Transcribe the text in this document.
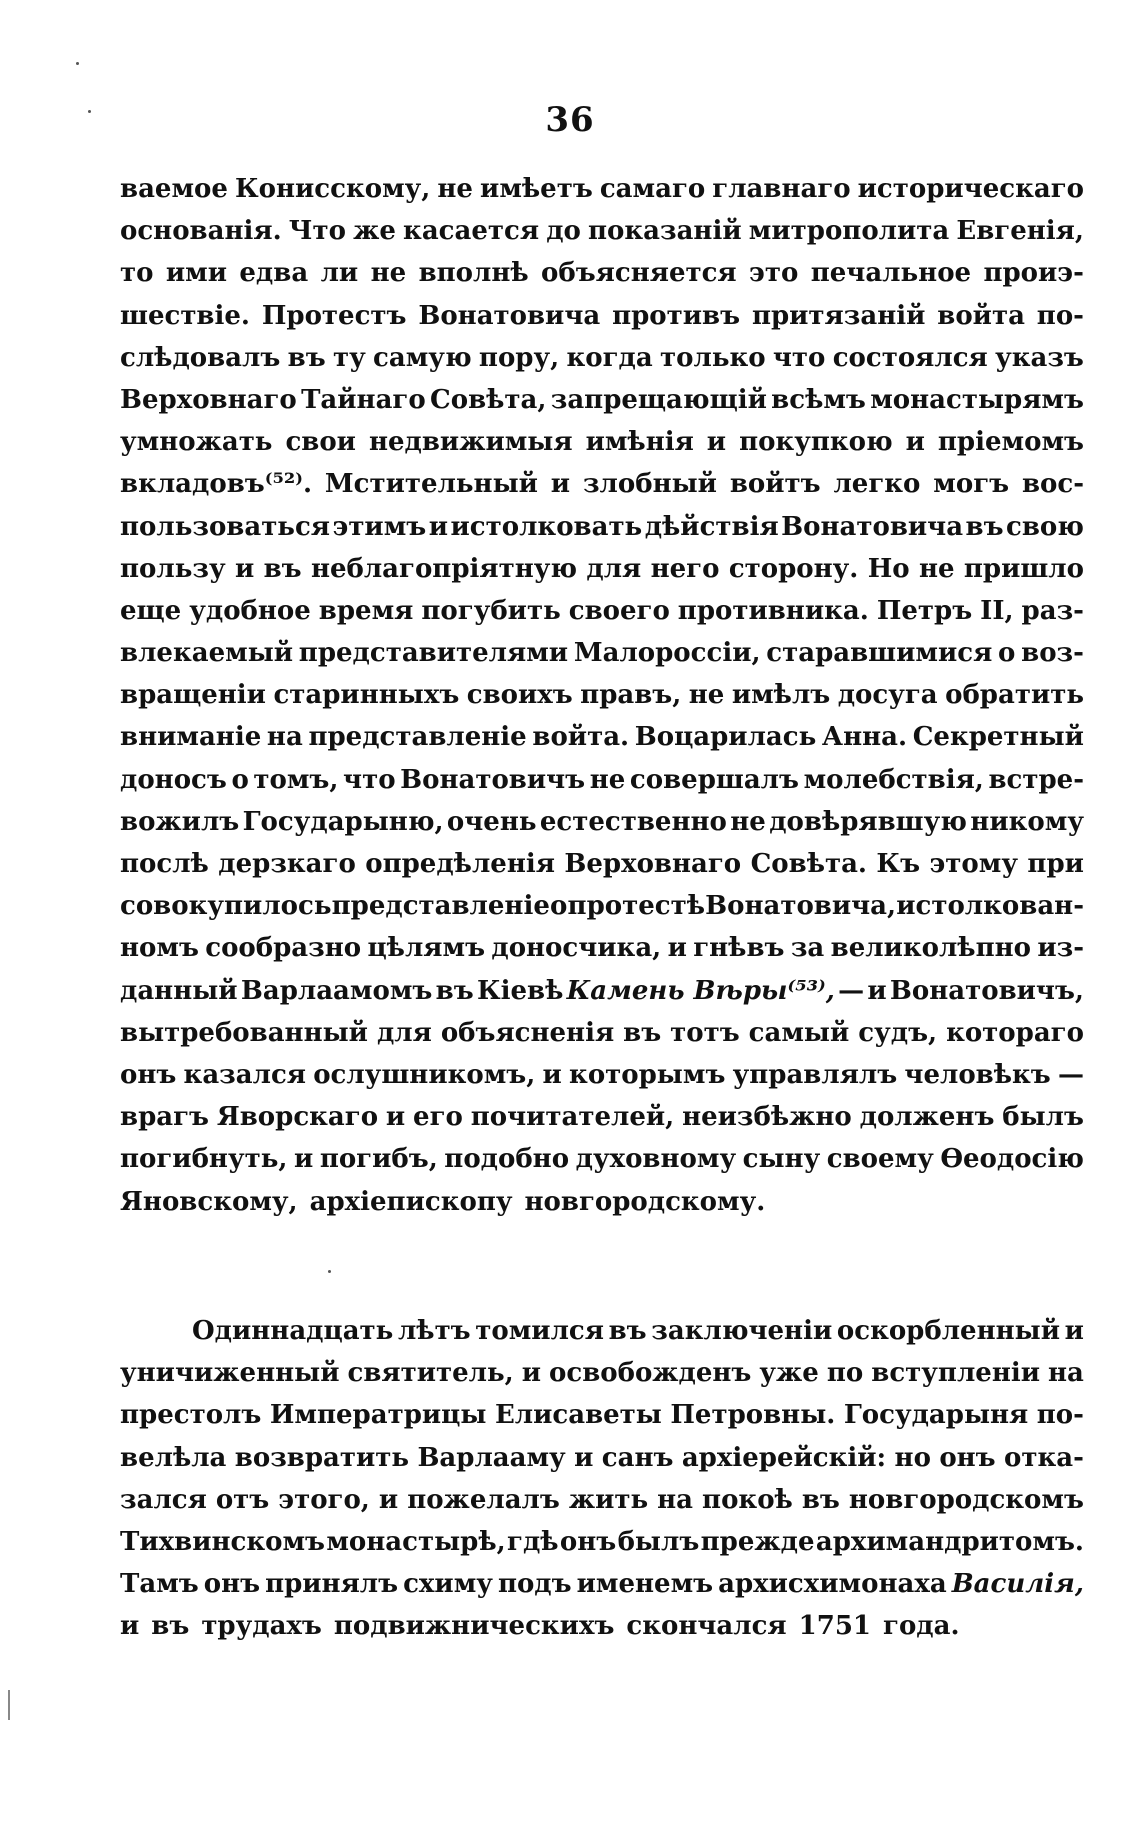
36
ваемое Конисскому, не имѣетъ самаго главнаго историческаго
основанія. Что же касается до показаній митрополита Евгенія,
то ими едва ли не вполнѣ объясняется это печальное проиэ-
шествіе. Протестъ Вонатовича противъ притязаній войта по-
слѣдовалъ въ ту самую пору, когда только что состоялся указъ
Верховнаго Тайнаго Совѣта, запрещающій всѣмъ монастырямъ
умножать свои недвижимыя имѣнія и покупкою и пріемомъ
вкладовъ⁽⁵²⁾. Мстительный и злобный войтъ легко могъ вос-
пользоваться этимъ и истолковать дѣйствія Вонатовича въ свою
пользу и въ неблагопріятную для него сторону. Но не пришло
еще удобное время погубить своего противника. Петръ II, раз-
влекаемый представителями Малороссіи, старавшимися о воз-
вращеніи старинныхъ своихъ правъ, не имѣлъ досуга обратить
вниманіе на представленіе войта. Воцарилась Анна. Секретный
доносъ о томъ, что Вонатовичъ не совершалъ молебствія, встре-
вожилъ Государыню, очень естественно не довѣрявшую никому
послѣ дерзкаго опредѣленія Верховнаго Совѣта. Къ этому при
совокупилось представленіе о протестѣ Вонатовича, истолкован-
номъ сообразно цѣлямъ доносчика, и гнѣвъ за великолѣпно из-
данный Варлаамомъ въ Кіевѣ Камень Вѣры⁽⁵³⁾, — и Вонатовичъ,
вытребованный для объясненія въ тотъ самый судъ, котораго
онъ казался ослушникомъ, и которымъ управлялъ человѣкъ —
врагъ Яворскаго и его почитателей, неизбѣжно долженъ былъ
погибнуть, и погибъ, подобно духовному сыну своему Ѳеодосію
Яновскому, архіепископу новгородскому.
Одиннадцать лѣтъ томился въ заключеніи оскорбленный и
уничиженный святитель, и освобожденъ уже по вступленіи на
престолъ Императрицы Елисаветы Петровны. Государыня по-
велѣла возвратить Варлааму и санъ архіерейскій: но онъ отка-
зался отъ этого, и пожелалъ жить на покоѣ въ новгородскомъ
Тихвинскомъ монастырѣ, гдѣ онъ былъ прежде архимандритомъ.
Тамъ онъ принялъ схиму подъ именемъ архисхимонаха Василія,
и въ трудахъ подвижническихъ скончался 1751 года.
